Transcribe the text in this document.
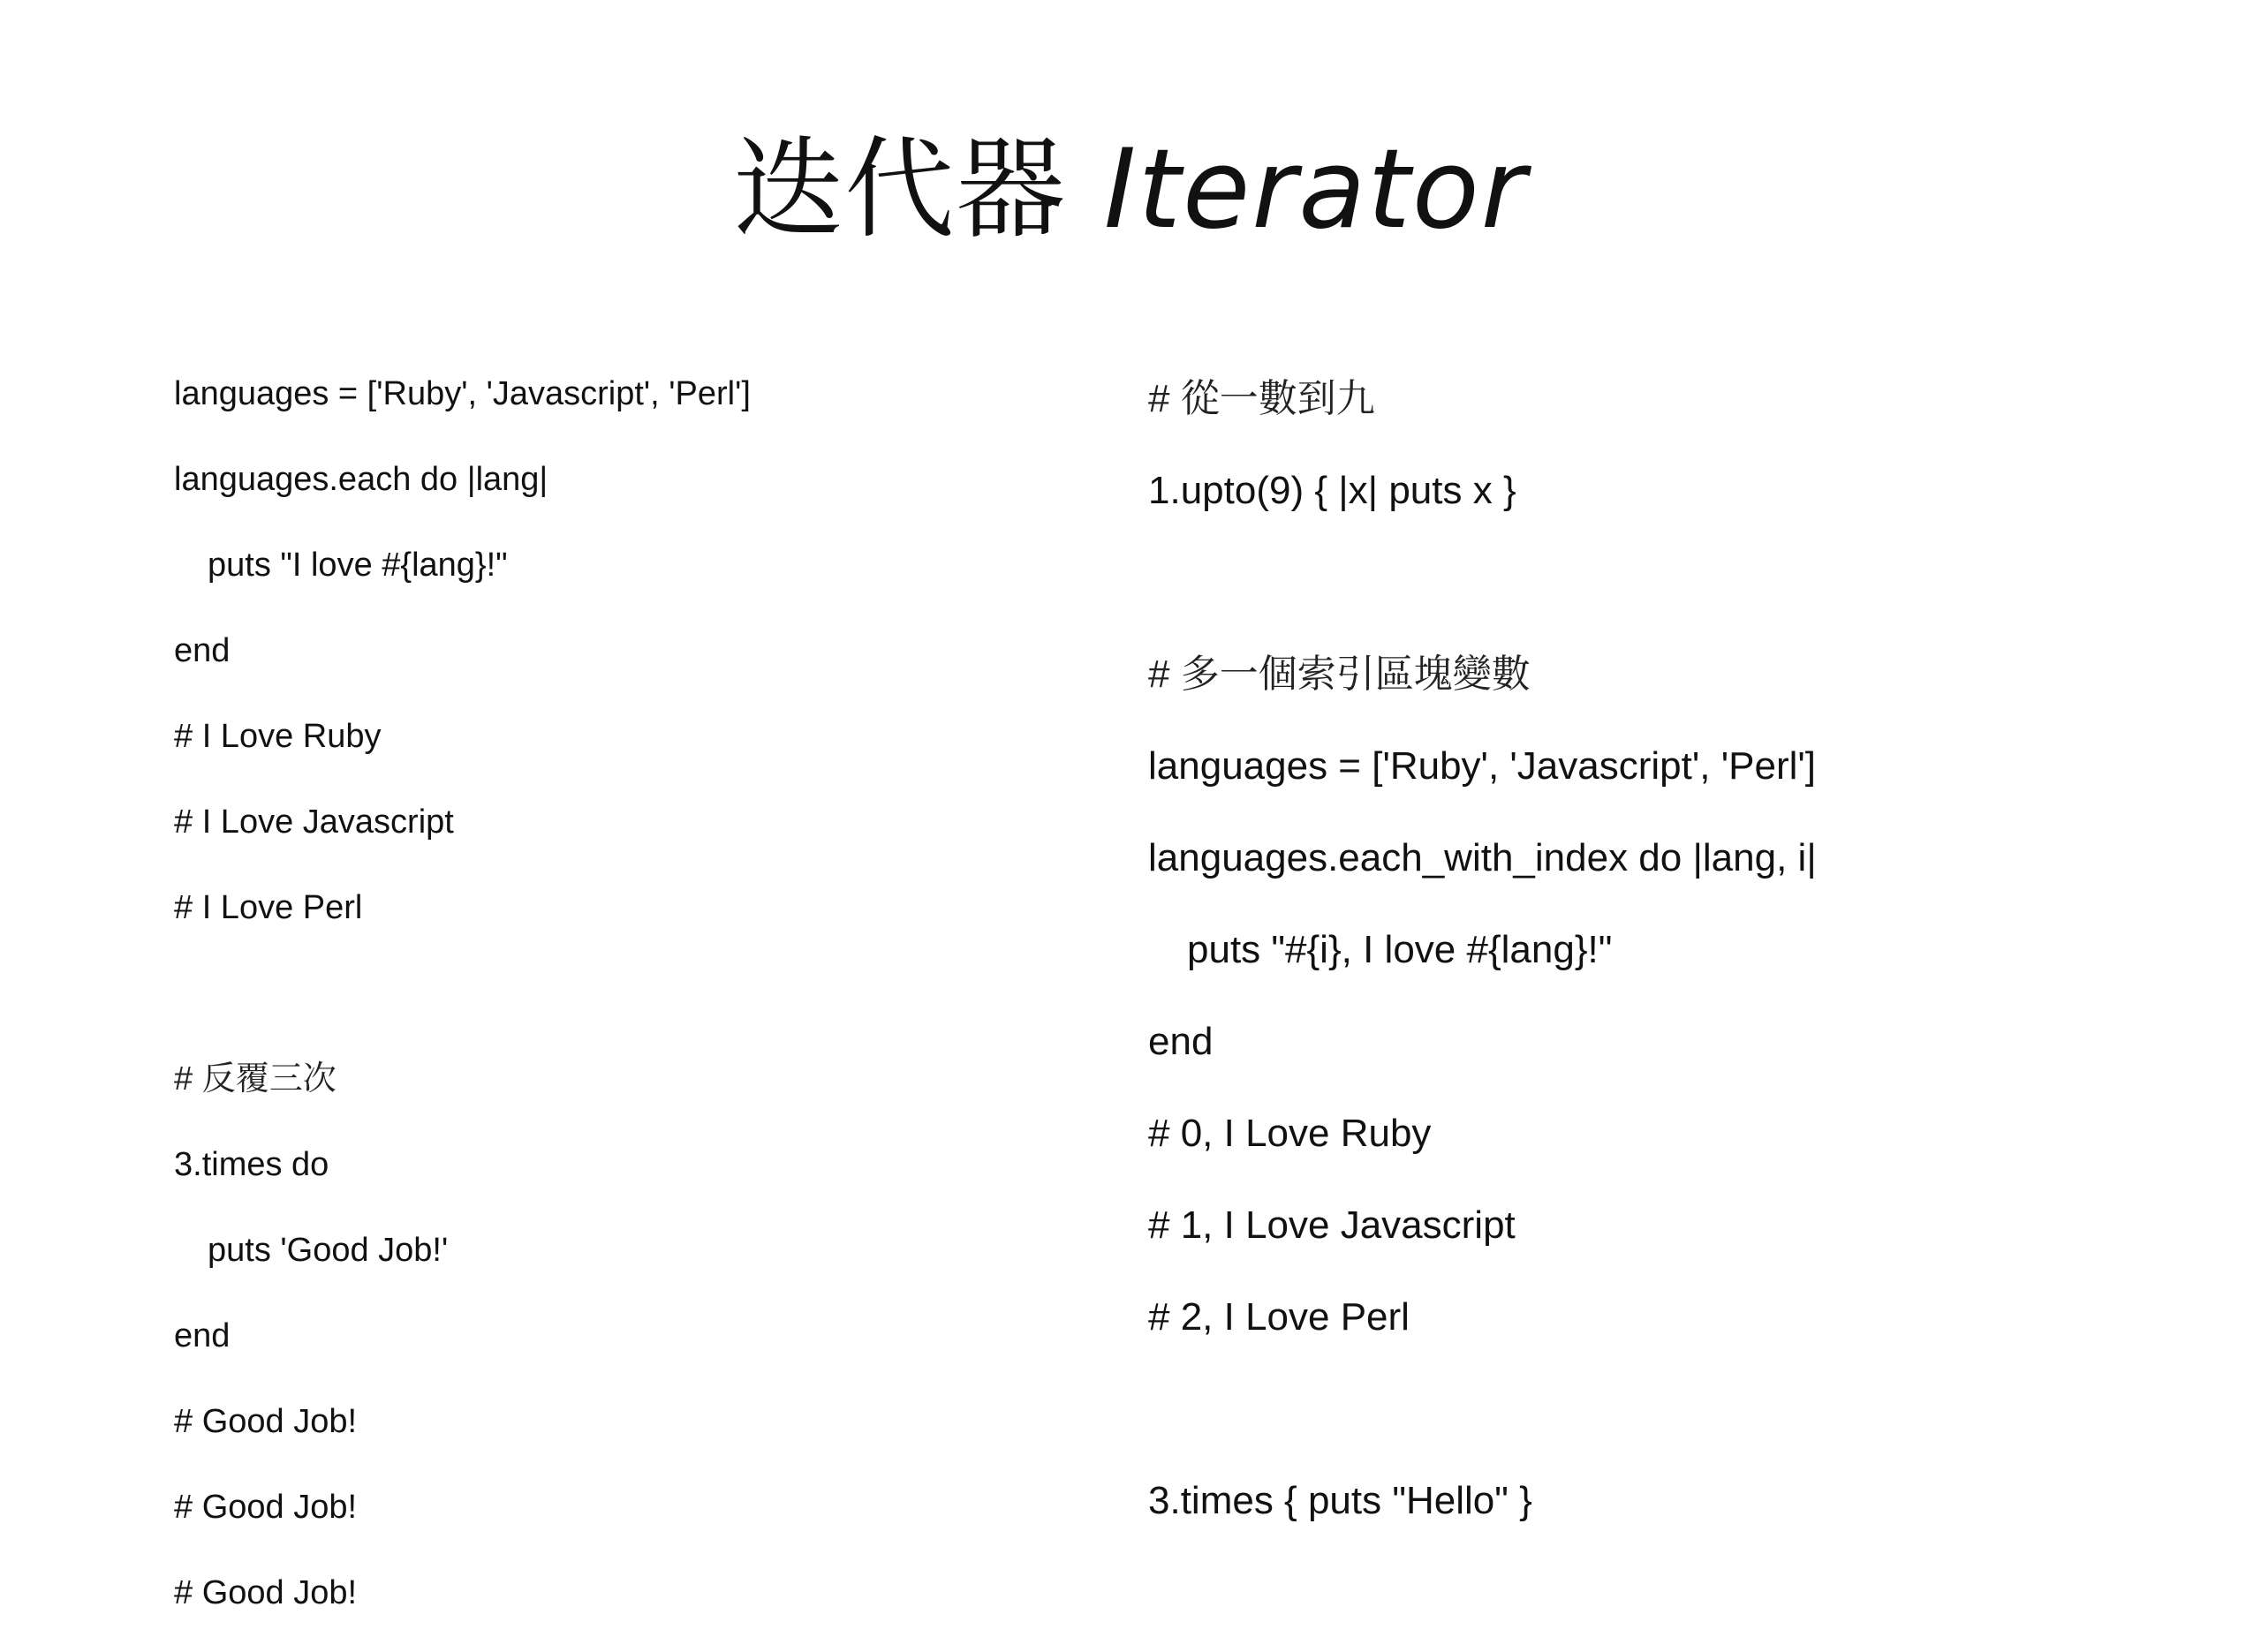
迭代器 Iterator

languages = ['Ruby', 'Javascript', 'Perl']

languages.each do |lang|

puts "I love #{lang}!"

end

# I Love Ruby

# I Love Javascript

# I Love Perl

# 反覆三次

3.times do

puts 'Good Job!'

end

# Good Job!

# Good Job!

# Good Job!

# 從一數到九

1.upto(9) { |x| puts x }

# 多一個索引區塊變數

languages = ['Ruby', 'Javascript', 'Perl']

languages.each_with_index do |lang, i|

puts "#{i}, I love #{lang}!"

end

# 0, I Love Ruby

# 1, I Love Javascript

# 2, I Love Perl

3.times { puts "Hello" }
